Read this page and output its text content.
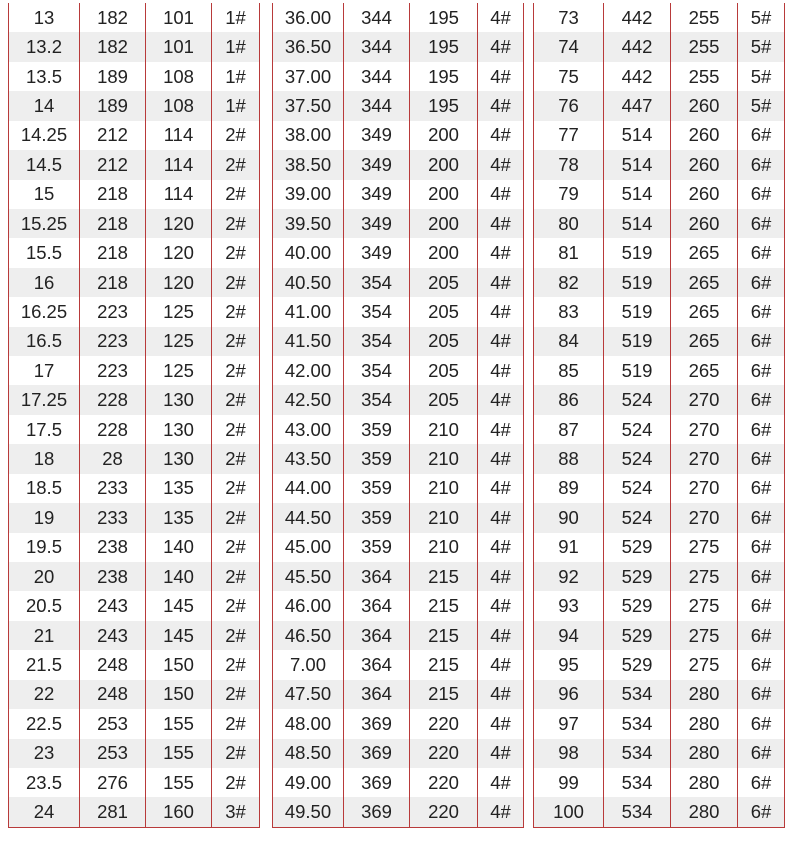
13	182	101	1#
13.2	182	101	1#
13.5	189	108	1#
14	189	108	1#
14.25	212	114	2#
14.5	212	114	2#
15	218	114	2#
15.25	218	120	2#
15.5	218	120	2#
16	218	120	2#
16.25	223	125	2#
16.5	223	125	2#
17	223	125	2#
17.25	228	130	2#
17.5	228	130	2#
18	28	130	2#
18.5	233	135	2#
19	233	135	2#
19.5	238	140	2#
20	238	140	2#
20.5	243	145	2#
21	243	145	2#
21.5	248	150	2#
22	248	150	2#
22.5	253	155	2#
23	253	155	2#
23.5	276	155	2#
24	281	160	3#
36.00	344	195	4#
36.50	344	195	4#
37.00	344	195	4#
37.50	344	195	4#
38.00	349	200	4#
38.50	349	200	4#
39.00	349	200	4#
39.50	349	200	4#
40.00	349	200	4#
40.50	354	205	4#
41.00	354	205	4#
41.50	354	205	4#
42.00	354	205	4#
42.50	354	205	4#
43.00	359	210	4#
43.50	359	210	4#
44.00	359	210	4#
44.50	359	210	4#
45.00	359	210	4#
45.50	364	215	4#
46.00	364	215	4#
46.50	364	215	4#
7.00	364	215	4#
47.50	364	215	4#
48.00	369	220	4#
48.50	369	220	4#
49.00	369	220	4#
49.50	369	220	4#
73	442	255	5#
74	442	255	5#
75	442	255	5#
76	447	260	5#
77	514	260	6#
78	514	260	6#
79	514	260	6#
80	514	260	6#
81	519	265	6#
82	519	265	6#
83	519	265	6#
84	519	265	6#
85	519	265	6#
86	524	270	6#
87	524	270	6#
88	524	270	6#
89	524	270	6#
90	524	270	6#
91	529	275	6#
92	529	275	6#
93	529	275	6#
94	529	275	6#
95	529	275	6#
96	534	280	6#
97	534	280	6#
98	534	280	6#
99	534	280	6#
100	534	280	6#
